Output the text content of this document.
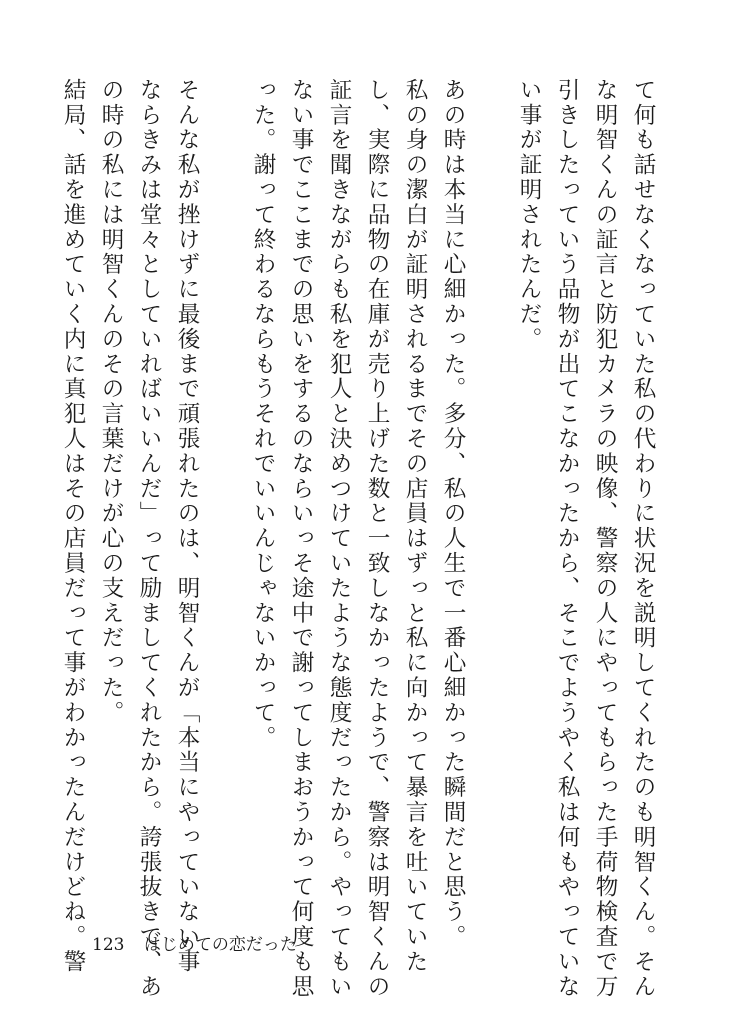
て何も話せなくなっていた私の代わりに状況を説明してくれたのも明智くん。そん
な明智くんの証言と防犯カメラの映像、警察の人にやってもらった手荷物検査で万
引きしたっていう品物が出てこなかったから、そこでようやく私は何もやっていな
い事が証明されたんだ。
あの時は本当に心細かった。多分、私の人生で一番心細かった瞬間だと思う。
私の身の潔白が証明されるまでその店員はずっと私に向かって暴言を吐いていた
し、実際に品物の在庫が売り上げた数と一致しなかったようで、警察は明智くんの
証言を聞きながらも私を犯人と決めつけていたような態度だったから。やってもい
ない事でここまでの思いをするのならいっそ途中で謝ってしまおうかって何度も思
った。謝って終わるならもうそれでいいんじゃないかって。
そんな私が挫けずに最後まで頑張れたのは、明智くんが「本当にやっていない事
ならきみは堂々としていればいいんだ」って励ましてくれたから。誇張抜きで、あ
の時の私には明智くんのその言葉だけが心の支えだった。
結局、話を進めていく内に真犯人はその店員だって事がわかったんだけどね。警 123 はじめての恋だった
